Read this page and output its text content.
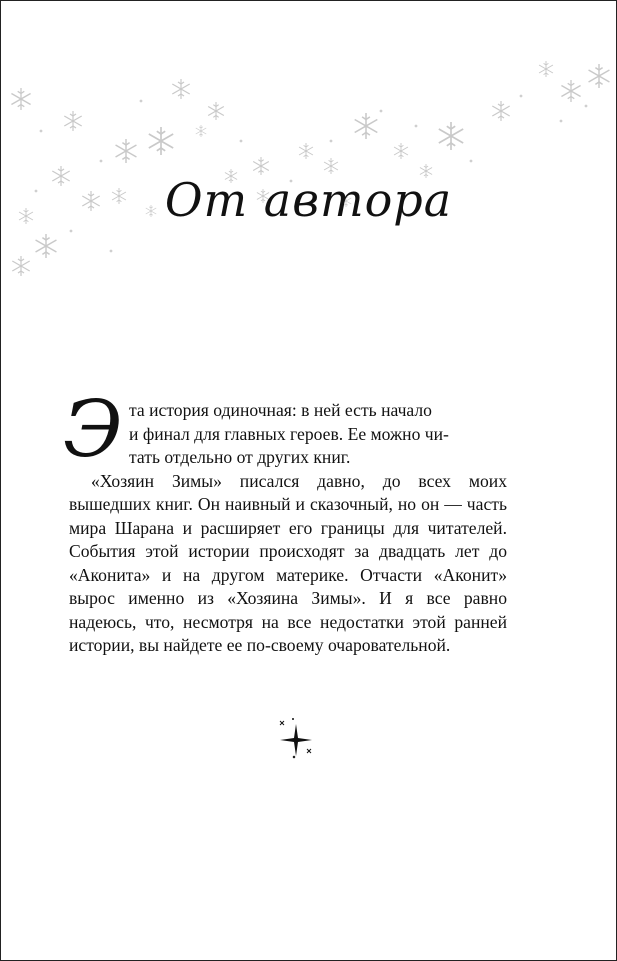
От автора

Э та история одиночная: в ней есть начало
и финал для главных героев. Ее можно чи-
тать отдельно от других книг.

«Хозяин Зимы» писался давно, до всех моих вышедших книг. Он наивный и сказочный, но он — часть мира Шарана и расширяет его границы для читателей. События этой истории происходят за двадцать лет до «Аконита» и на другом материке. Отчасти «Аконит» вырос именно из «Хозяина Зимы». И я все равно надеюсь, что, несмотря на все недостатки этой ранней истории, вы найдете ее по-своему очаровательной.
